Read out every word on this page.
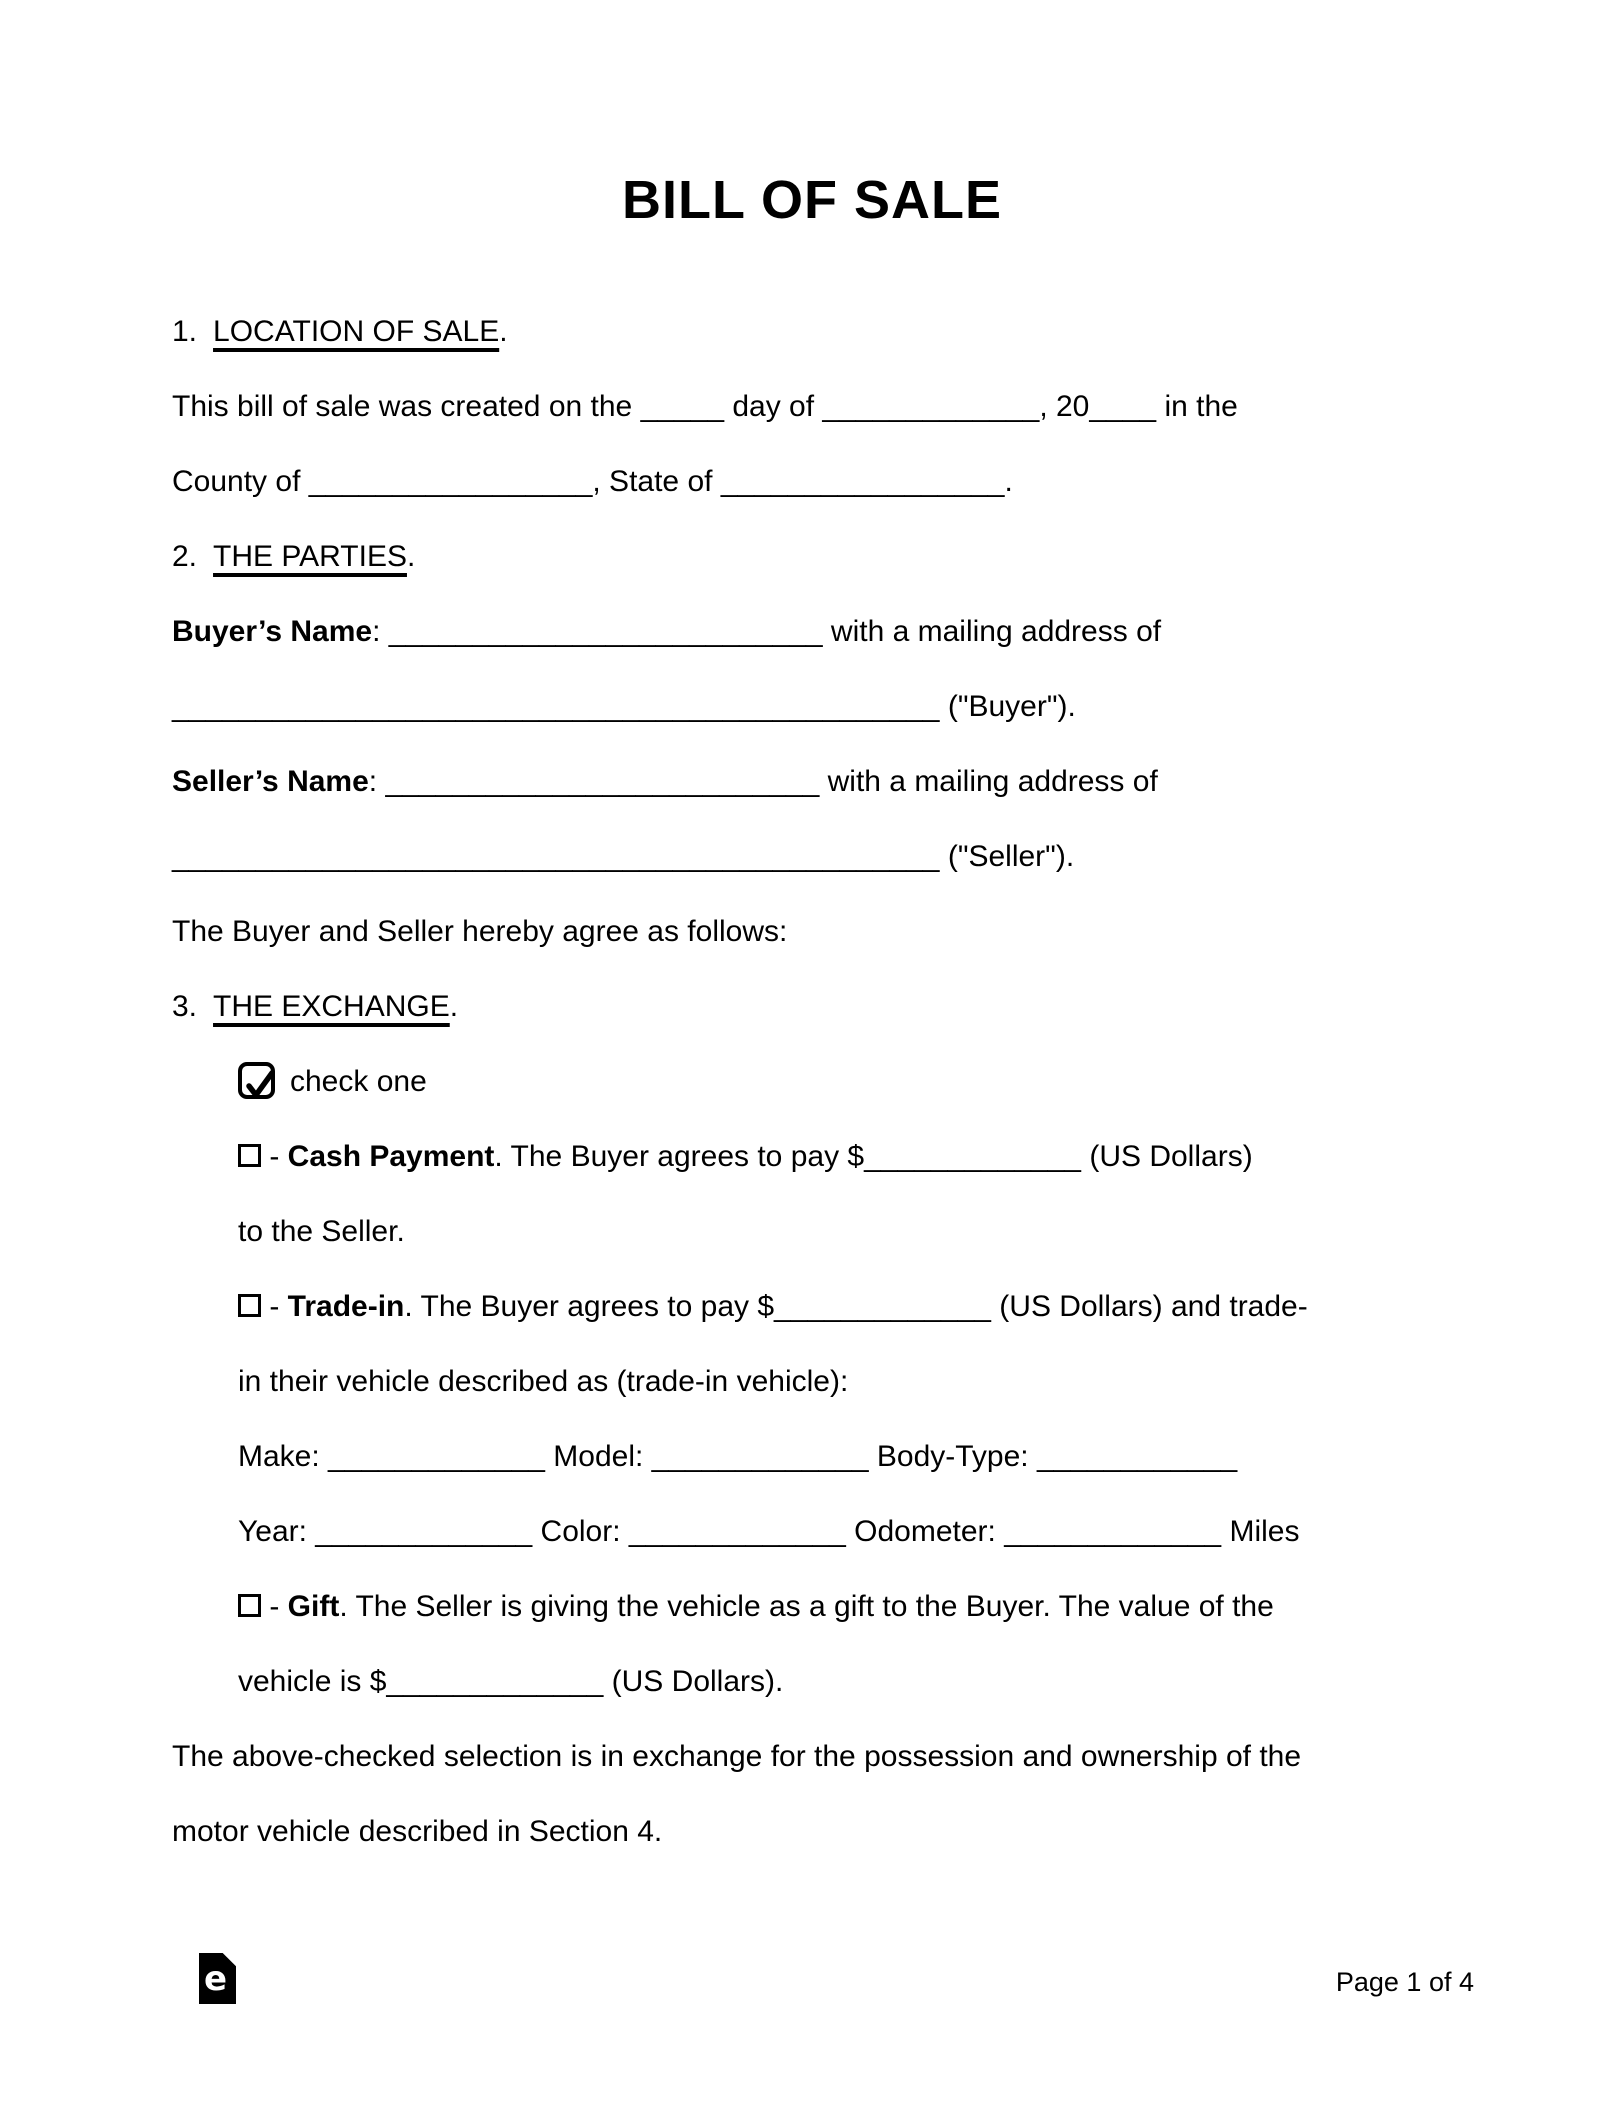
BILL OF SALE
1. LOCATION OF SALE.
This bill of sale was created on the _____ day of _____________, 20____ in the
County of _________________, State of _________________.
2. THE PARTIES.
Buyer’s Name: __________________________ with a mailing address of
______________________________________________ ("Buyer").
Seller’s Name: __________________________ with a mailing address of
______________________________________________ ("Seller").
The Buyer and Seller hereby agree as follows:
3. THE EXCHANGE.
check one
- Cash Payment. The Buyer agrees to pay $_____________ (US Dollars)
to the Seller.
- Trade-in. The Buyer agrees to pay $_____________ (US Dollars) and trade-
in their vehicle described as (trade-in vehicle):
Make: _____________ Model: _____________ Body-Type: ____________
Year: _____________ Color: _____________ Odometer: _____________ Miles
- Gift. The Seller is giving the vehicle as a gift to the Buyer. The value of the
vehicle is $_____________ (US Dollars).
The above-checked selection is in exchange for the possession and ownership of the
motor vehicle described in Section 4.
e	Page 1 of 4
